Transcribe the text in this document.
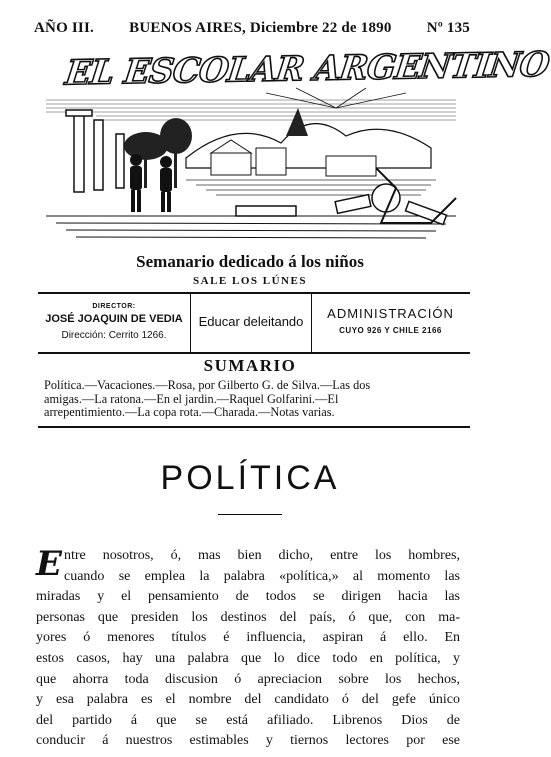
AÑO III. BUENOS AIRES, Diciembre 22 de 1890 Nº 135
EL ESCOLAR ARGENTINO
Semanario dedicado á los niños
SALE LOS LÚNES
DIRECTOR:
JOSÉ JOAQUIN DE VEDIA
Dirección: Cerrito 1266.
Educar deleitando
ADMINISTRACIÓN
CUYO 926 Y CHILE 2166
SUMARIO
Política.—Vacaciones.—Rosa, por Gilberto G. de Silva.—Las dos
amigas.—La ratona.—En el jardin.—Raquel Golfarini.—El
arrepentimiento.—La copa rota.—Charada.—Notas varias.
POLÍTICA
E ntre nosotros, ó, mas bien dicho, entre los hombres,
cuando se emplea la palabra «política,» al momento las
miradas y el pensamiento de todos se dirigen hacia las
personas que presiden los destinos del país, ó que, con ma-
yores ó menores títulos é influencia, aspiran á ello. En
estos casos, hay una palabra que lo dice todo en política, y
que ahorra toda discusion ó apreciacion sobre los hechos,
y esa palabra es el nombre del candidato ó del gefe único
del partido á que se está afiliado. Librenos Dios de
conducir á nuestros estimables y tiernos lectores por ese
